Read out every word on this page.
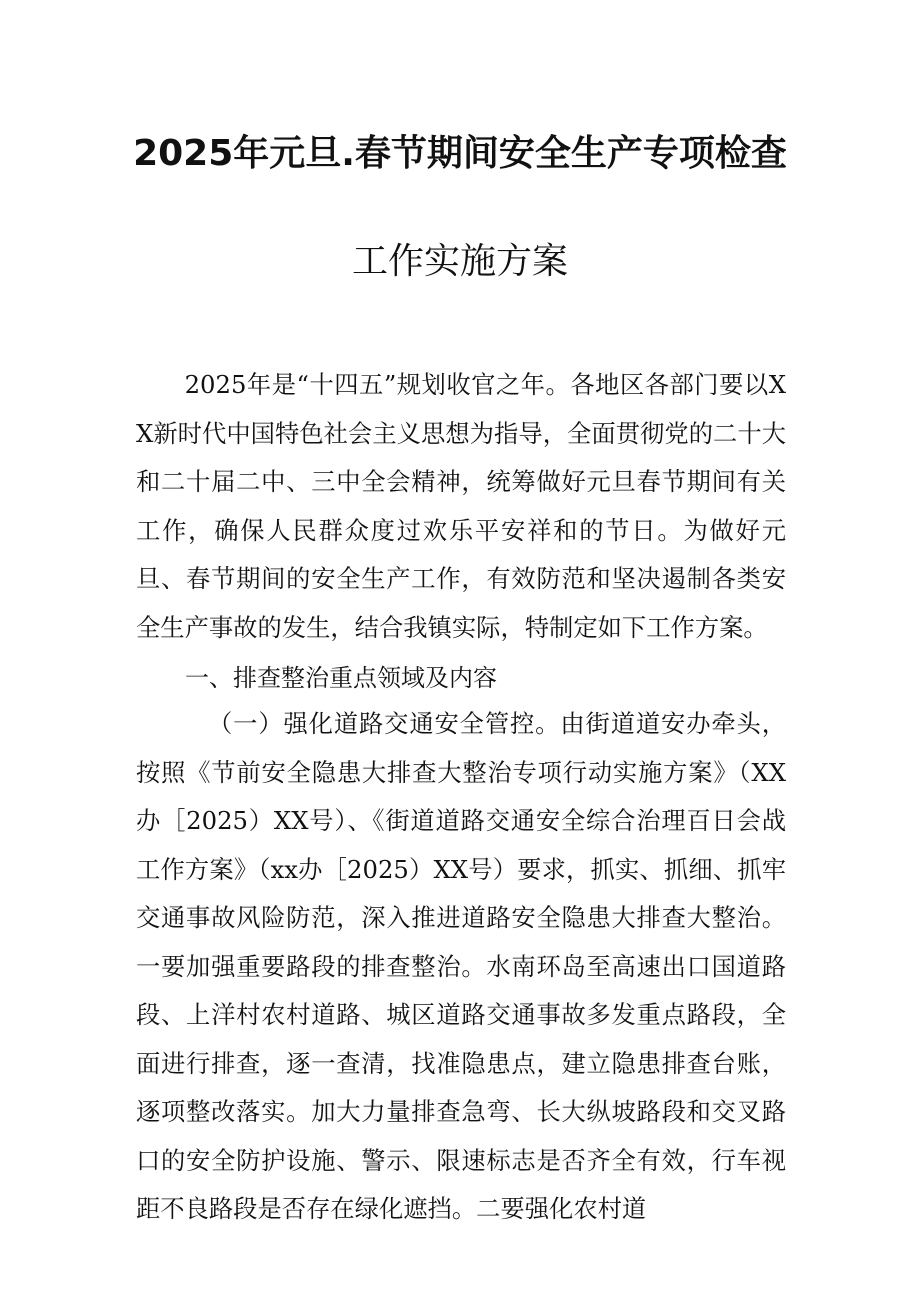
2025年元旦.春节期间安全生产专项检查
工作实施方案

2025年是“十四五”规划收官之年。各地区各部门要以XX新时代中国特色社会主义思想为指导，全面贯彻党的二十大和二十届二中、三中全会精神，统筹做好元旦春节期间有关工作，确保人民群众度过欢乐平安祥和的节日。为做好元旦、春节期间的安全生产工作，有效防范和坚决遏制各类安全生产事故的发生，结合我镇实际，特制定如下工作方案。

一、排查整治重点领域及内容

（一）强化道路交通安全管控。由街道道安办牵头，按照《节前安全隐患大排查大整治专项行动实施方案》（XX办［2025）XX号）、《街道道路交通安全综合治理百日会战工作方案》（xx办［2025）XX号）要求，抓实、抓细、抓牢交通事故风险防范，深入推进道路安全隐患大排查大整治。一要加强重要路段的排查整治。水南环岛至高速出口国道路段、上洋村农村道路、城区道路交通事故多发重点路段，全面进行排查，逐一查清，找准隐患点，建立隐患排查台账，逐项整改落实。加大力量排查急弯、长大纵坡路段和交叉路口的安全防护设施、警示、限速标志是否齐全有效，行车视距不良路段是否存在绿化遮挡。二要强化农村道
